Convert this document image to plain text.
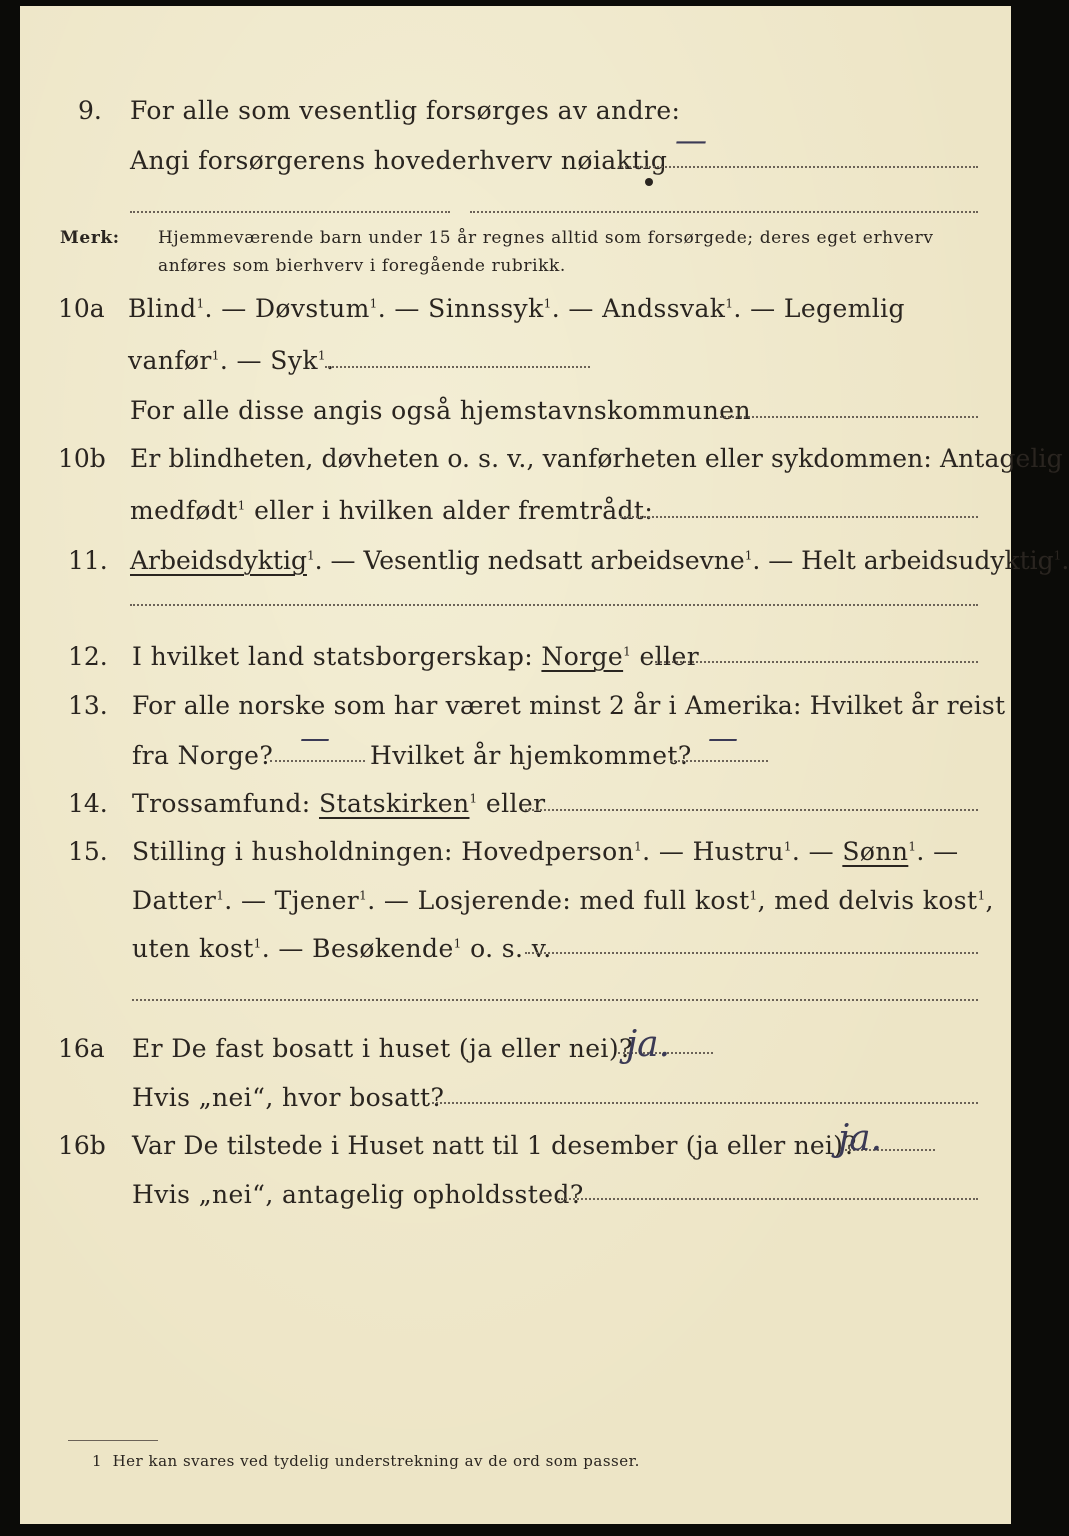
9. For alle som vesentlig forsørges av andre:
Angi forsørgerens hovederhverv nøiaktig
—
Merk: Hjemmeværende barn under 15 år regnes alltid som forsørgede; deres eget erhverv
anføres som bierhverv i foregående rubrikk.
10a Blind$^1$. — Døvstum$^1$. — Sinnssyk$^1$. — Andssvak$^1$. — Legemlig
vanfør$^1$. — Syk$^1$.
For alle disse angis også hjemstavnskommunen
10b Er blindheten, døvheten o. s. v., vanførheten eller sykdommen: Antagelig
medfødt$^1$ eller i hvilken alder fremtrådt:
11. Arbeidsdyktig$^1$. — Vesentlig nedsatt arbeidsevne$^1$. — Helt arbeidsudyktig$^1$.
12. I hvilket land statsborgerskap: Norge$^1$ eller
13. For alle norske som har været minst 2 år i Amerika: Hvilket år reist
fra Norge? — Hvilket år hjemkommet? —
14. Trossamfund: Statskirken$^1$ eller
15. Stilling i husholdningen: Hovedperson$^1$. — Hustru$^1$. — Sønn$^1$. —
Datter$^1$. — Tjener$^1$. — Losjerende: med full kost$^1$, med delvis kost$^1$,
uten kost$^1$. — Besøkende$^1$ o. s. v.
16a Er De fast bosatt i huset (ja eller nei)?
ja.
Hvis „nei“, hvor bosatt?
16b Var De tilstede i Huset natt til 1 desember (ja eller nei)?
ja.
Hvis „nei“, antagelig opholdssted?
1 Her kan svares ved tydelig understrekning av de ord som passer.
